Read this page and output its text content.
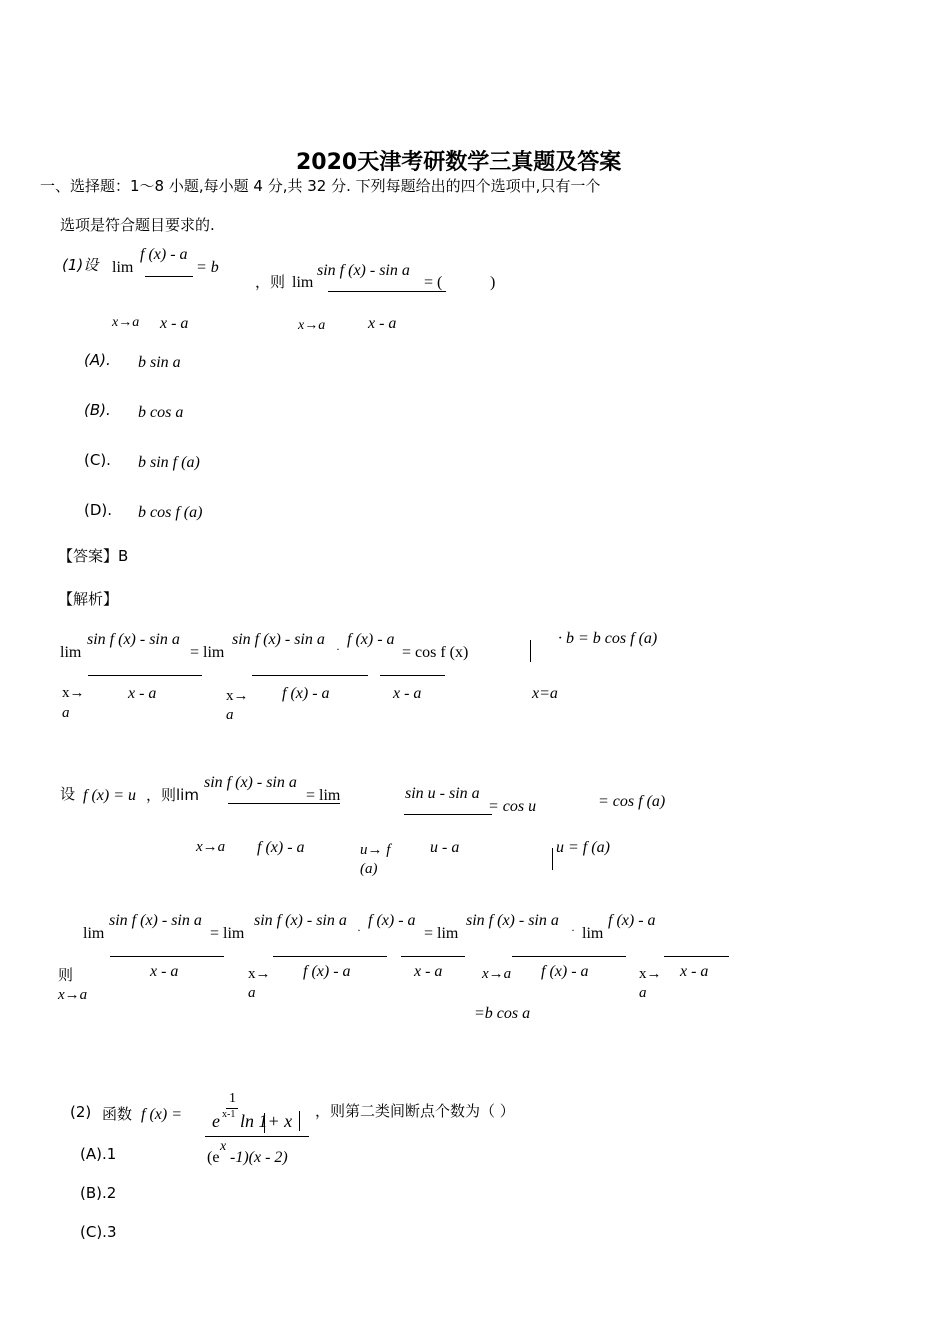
2020天津考研数学三真题及答案
一、选择题：1～8 小题,每小题 4 分,共 32 分. 下列每题给出的四个选项中,只有一个
选项是符合题目要求的.
(1)设 lim
f (x) - a
= b
，则 lim
sin f (x) - sin a
= (	)
x→a x - a	x→a	x - a
(A). b sin a
(B). b cos a
(C). b sin f (a)
(D). b cos f (a)
【答案】B
【解析】
lim
sin f (x) - sin a
= lim
sin f (x) - sin a
·
f (x) - a
= cos f (x)
· b = b cos f (a)
x→
a
x - a	x→
a
f (x) - a	x - a	x=a
设 f (x) = u ，则lim
sin f (x) - sin a
= lim	sin u - sin a
= cos u	= cos f (a)
x→a f (x) - a	u→ f
(a)
u - a	u = f (a)
lim
sin f (x) - sin a
= lim
sin f (x) - sin a
·
f (x) - a
= lim
sin f (x) - sin a
· lim
f (x) - a
则
x→a
x - a	x→
a
f (x) - a	x - a	x→a f (x) - a	x→
a
x - a
=b cos a
(2) 函数 f (x) =
1
e x-1 ln 1+ x
(e
x
-1)(x - 2)
，则第二类间断点个数为（ ）
(A).1
(B).2
(C).3
